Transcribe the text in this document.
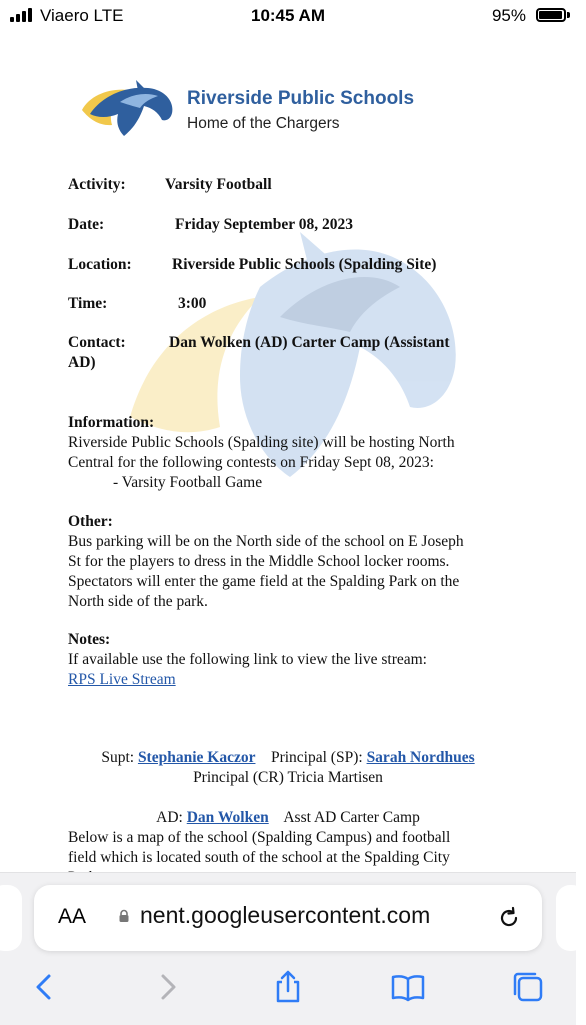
Viaero LTE	10:45 AM	95%
Riverside Public Schools
Home of the Chargers
Activity:	Varsity Football
Date:	Friday September 08, 2023
Location:	Riverside Public Schools (Spalding Site)
Time:	3:00
Contact:	Dan Wolken (AD) Carter Camp (Assistant
AD)
Information:
Riverside Public Schools (Spalding site) will be hosting North
Central for the following contests on Friday Sept 08, 2023:
- Varsity Football Game
Other:
Bus parking will be on the North side of the school on E Joseph
St for the players to dress in the Middle School locker rooms.
Spectators will enter the game field at the Spalding Park on the
North side of the park.
Notes:
If available use the following link to view the live stream:
RPS Live Stream
Supt: Stephanie Kaczor Principal (SP): Sarah Nordhues
Principal (CR) Tricia Martisen
AD: Dan Wolken Asst AD Carter Camp
Below is a map of the school (Spalding Campus) and football
field which is located south of the school at the Spalding City
AA nent.googleusercontent.com
